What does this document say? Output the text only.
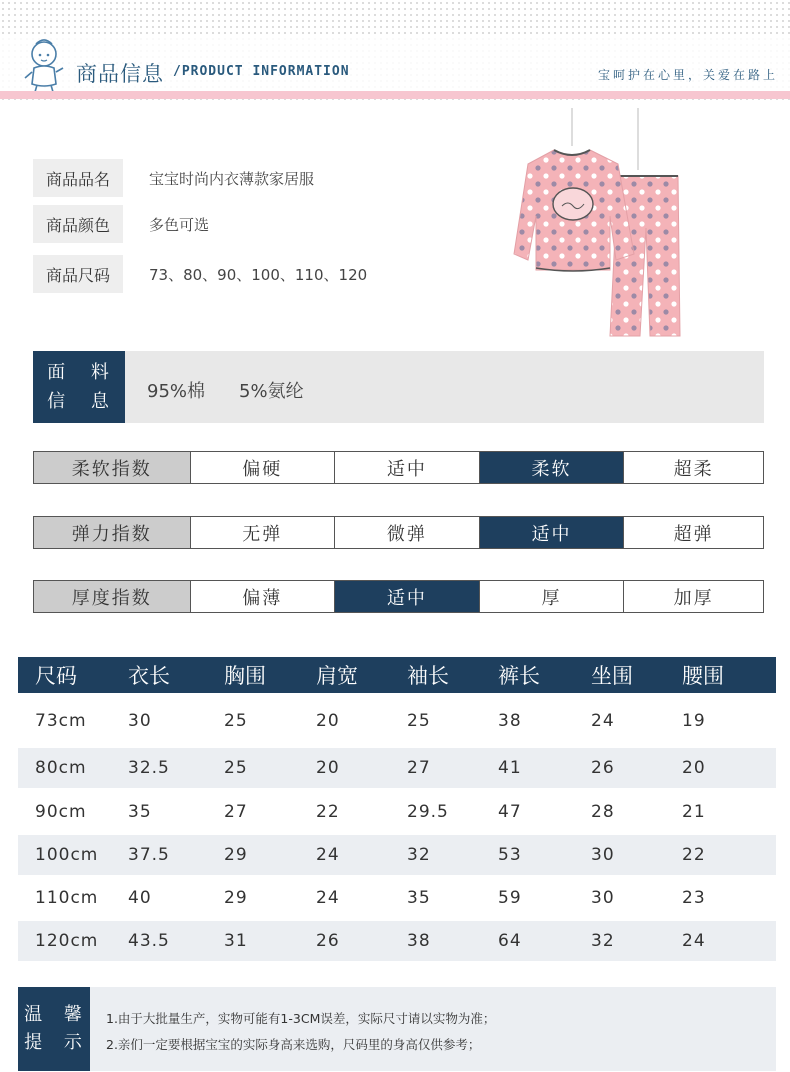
商品信息 /PRODUCT INFORMATION	宝呵护在心里，关爱在路上
商品品名	宝宝时尚内衣薄款家居服
商品颜色	多色可选
商品尺码	73、80、90、100、110、120
面 料
信 息 95%棉 5%氨纶
柔软指数	偏硬	适中	柔软	超柔
弹力指数	无弹	微弹	适中	超弹
厚度指数	偏薄	适中	厚	加厚
尺码	衣长	胸围	肩宽	袖长	裤长	坐围	腰围
73cm	30	25	20	25	38	24	19
80cm	32.5	25	20	27	41	26	20
90cm	35	27	22	29.5	47	28	21
100cm	37.5	29	24	32	53	30	22
110cm	40	29	24	35	59	30	23
120cm	43.5	31	26	38	64	32	24
温 馨
提 示
1.由于大批量生产，实物可能有1-3CM误差，实际尺寸请以实物为准；
2.亲们一定要根据宝宝的实际身高来选购，尺码里的身高仅供参考；
